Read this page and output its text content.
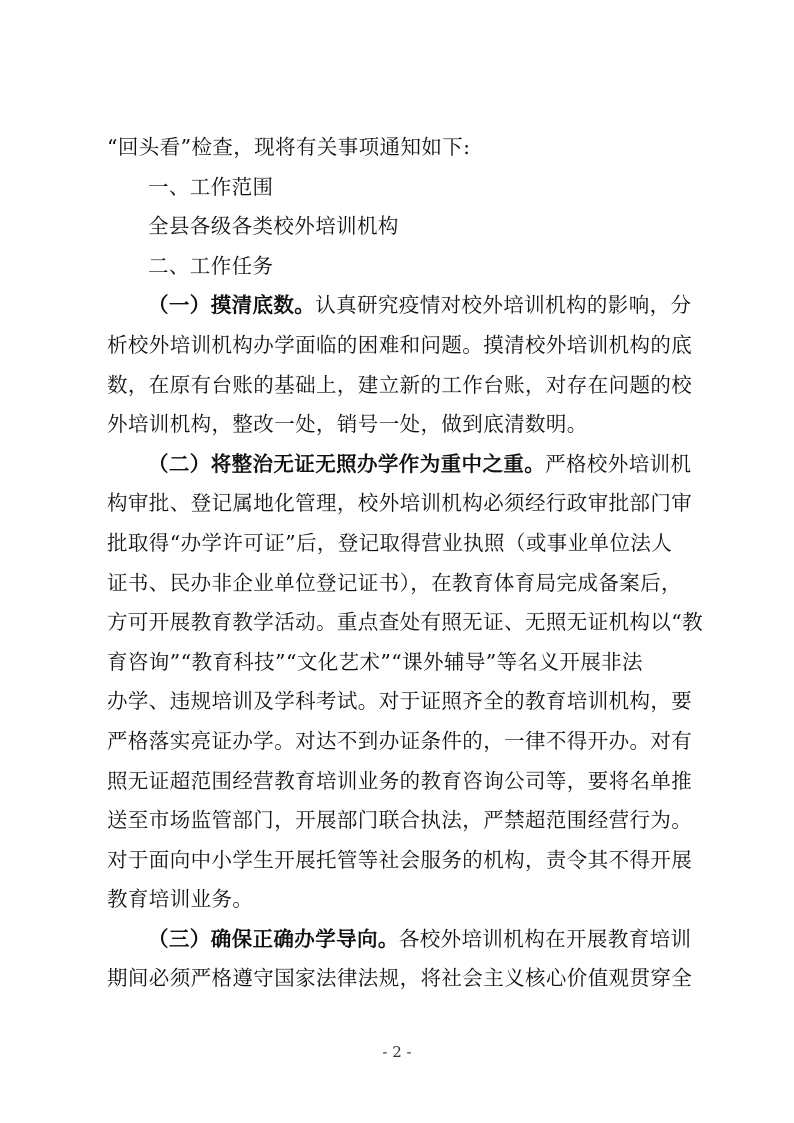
“回头看”检查，现将有关事项通知如下:
一、工作范围
全县各级各类校外培训机构
二、工作任务
（一）摸清底数。认真研究疫情对校外培训机构的影响，分
析校外培训机构办学面临的困难和问题。摸清校外培训机构的底
数，在原有台账的基础上，建立新的工作台账，对存在问题的校
外培训机构，整改一处，销号一处，做到底清数明。
（二）将整治无证无照办学作为重中之重。严格校外培训机
构审批、登记属地化管理，校外培训机构必须经行政审批部门审
批取得“办学许可证”后，登记取得营业执照（或事业单位法人
证书、民办非企业单位登记证书），在教育体育局完成备案后，
方可开展教育教学活动。重点查处有照无证、无照无证机构以“教
育咨询”“教育科技”“文化艺术”“课外辅导”等名义开展非法
办学、违规培训及学科考试。对于证照齐全的教育培训机构，要
严格落实亮证办学。对达不到办证条件的，一律不得开办。对有
照无证超范围经营教育培训业务的教育咨询公司等，要将名单推
送至市场监管部门，开展部门联合执法，严禁超范围经营行为。
对于面向中小学生开展托管等社会服务的机构，责令其不得开展
教育培训业务。
（三）确保正确办学导向。各校外培训机构在开展教育培训
期间必须严格遵守国家法律法规，将社会主义核心价值观贯穿全
- 2 -
